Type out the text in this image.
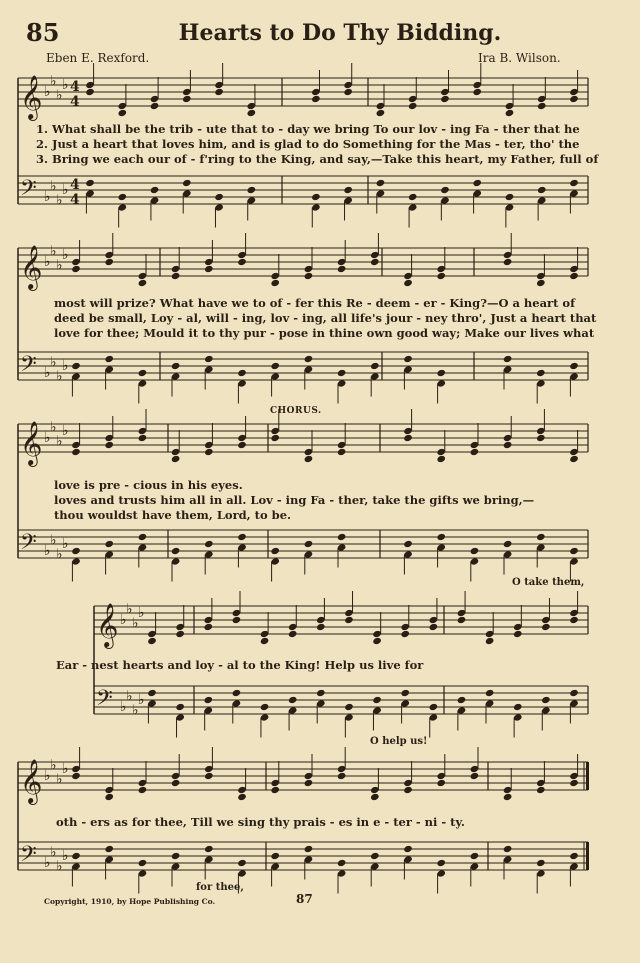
85	Hearts to Do Thy Bidding.
Eben E. Rexford.	Ira B. Wilson.
𝄞 ♭
♭
♭
♭ 4
4
𝄢 ♭
♭
♭
♭ 4
4
𝄞 ♭
♭
♭
♭
𝄢 ♭
♭
♭
♭
𝄞 ♭
♭
♭
♭
𝄢 ♭
♭
♭
♭
𝄞 ♭
♭
♭
♭
𝄢 ♭
♭
♭
♭
𝄞 ♭
♭
♭
♭
𝄢 ♭
♭
♭
♭
1. What shall be the trib - ute that to - day we bring To our lov - ing Fa - ther that he
2. Just a heart that loves him, and is glad to do Something for the Mas - ter, tho' the
3. Bring we each our of - f'ring to the King, and say,—Take this heart, my Father, full of
most will prize? What have we to of - fer this Re - deem - er - King?—O a heart of
deed be small, Loy - al, will - ing, lov - ing, all life's jour - ney thro', Just a heart that
love for thee; Mould it to thy pur - pose in thine own good way; Make our lives what
CHORUS.
love is pre - cious in his eyes.
loves and trusts him all in all. Lov - ing Fa - ther, take the gifts we bring,—
thou wouldst have them, Lord, to be.
O take them,
Ear - nest hearts and loy - al to the King! Help us live for
O help us!
oth - ers as for thee, Till we sing thy prais - es in e - ter - ni - ty.
for thee,
Copyright, 1910, by Hope Publishing Co.	87
